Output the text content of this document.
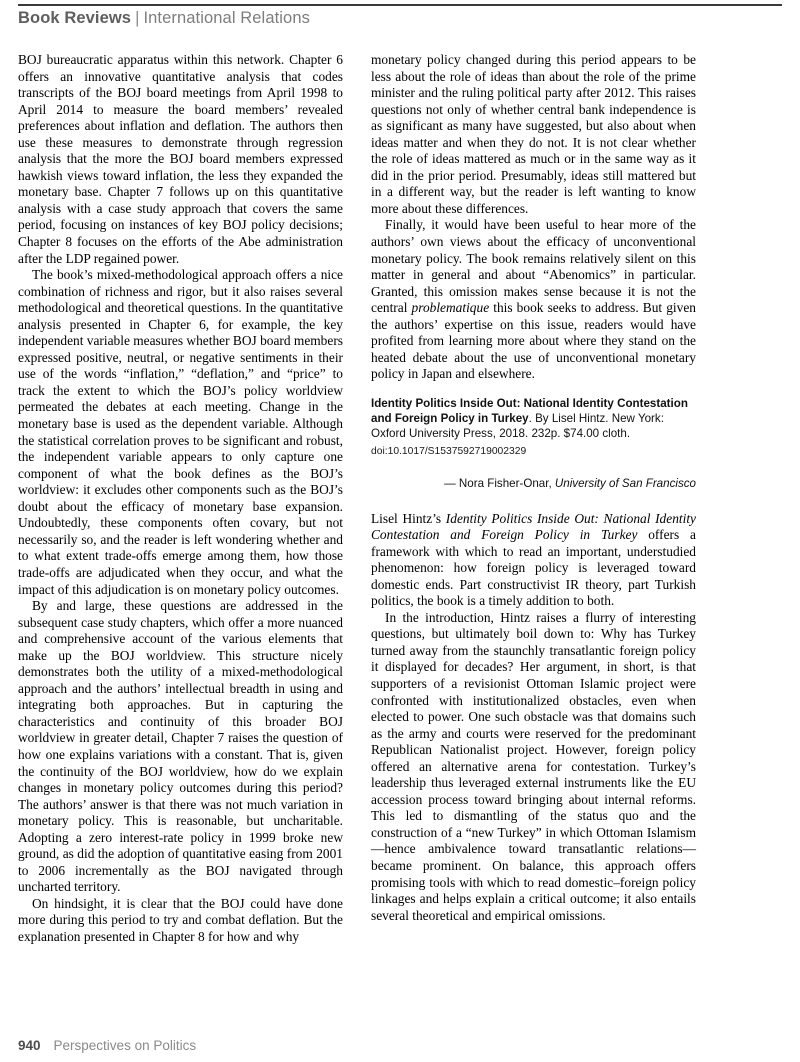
Book Reviews | International Relations

BOJ bureaucratic apparatus within this network. Chapter 6 offers an innovative quantitative analysis that codes transcripts of the BOJ board meetings from April 1998 to April 2014 to measure the board members’ revealed preferences about inflation and deflation. The authors then use these measures to demonstrate through regression analysis that the more the BOJ board members expressed hawkish views toward inflation, the less they expanded the monetary base. Chapter 7 follows up on this quantitative analysis with a case study approach that covers the same period, focusing on instances of key BOJ policy decisions; Chapter 8 focuses on the efforts of the Abe administration after the LDP regained power.

The book’s mixed-methodological approach offers a nice combination of richness and rigor, but it also raises several methodological and theoretical questions. In the quantitative analysis presented in Chapter 6, for example, the key independent variable measures whether BOJ board members expressed positive, neutral, or negative sentiments in their use of the words “inflation,” “deflation,” and “price” to track the extent to which the BOJ’s policy worldview permeated the debates at each meeting. Change in the monetary base is used as the dependent variable. Although the statistical correlation proves to be significant and robust, the independent variable appears to only capture one component of what the book defines as the BOJ’s worldview: it excludes other components such as the BOJ’s doubt about the efficacy of monetary base expansion. Undoubtedly, these components often covary, but not necessarily so, and the reader is left wondering whether and to what extent trade-offs emerge among them, how those trade-offs are adjudicated when they occur, and what the impact of this adjudication is on monetary policy outcomes.

By and large, these questions are addressed in the subsequent case study chapters, which offer a more nuanced and comprehensive account of the various elements that make up the BOJ worldview. This structure nicely demonstrates both the utility of a mixed-methodological approach and the authors’ intellectual breadth in using and integrating both approaches. But in capturing the characteristics and continuity of this broader BOJ worldview in greater detail, Chapter 7 raises the question of how one explains variations with a constant. That is, given the continuity of the BOJ worldview, how do we explain changes in monetary policy outcomes during this period? The authors’ answer is that there was not much variation in monetary policy. This is reasonable, but uncharitable. Adopting a zero interest-rate policy in 1999 broke new ground, as did the adoption of quantitative easing from 2001 to 2006 incrementally as the BOJ navigated through uncharted territory.

On hindsight, it is clear that the BOJ could have done more during this period to try and combat deflation. But the explanation presented in Chapter 8 for how and why

monetary policy changed during this period appears to be less about the role of ideas than about the role of the prime minister and the ruling political party after 2012. This raises questions not only of whether central bank independence is as significant as many have suggested, but also about when ideas matter and when they do not. It is not clear whether the role of ideas mattered as much or in the same way as it did in the prior period. Presumably, ideas still mattered but in a different way, but the reader is left wanting to know more about these differences.

Finally, it would have been useful to hear more of the authors’ own views about the efficacy of unconventional monetary policy. The book remains relatively silent on this matter in general and about “Abenomics” in particular. Granted, this omission makes sense because it is not the central problematique this book seeks to address. But given the authors’ expertise on this issue, readers would have profited from learning more about where they stand on the heated debate about the use of unconventional monetary policy in Japan and elsewhere.

Identity Politics Inside Out: National Identity Contestation and Foreign Policy in Turkey. By Lisel Hintz. New York: Oxford University Press, 2018. 232p. $74.00 cloth.

doi:10.1017/S1537592719002329

— Nora Fisher-Onar, University of San Francisco

Lisel Hintz’s Identity Politics Inside Out: National Identity Contestation and Foreign Policy in Turkey offers a framework with which to read an important, understudied phenomenon: how foreign policy is leveraged toward domestic ends. Part constructivist IR theory, part Turkish politics, the book is a timely addition to both.

In the introduction, Hintz raises a flurry of interesting questions, but ultimately boil down to: Why has Turkey turned away from the staunchly transatlantic foreign policy it displayed for decades? Her argument, in short, is that supporters of a revisionist Ottoman Islamic project were confronted with institutionalized obstacles, even when elected to power. One such obstacle was that domains such as the army and courts were reserved for the predominant Republican Nationalist project. However, foreign policy offered an alternative arena for contestation. Turkey’s leadership thus leveraged external instruments like the EU accession process toward bringing about internal reforms. This led to dismantling of the status quo and the construction of a “new Turkey” in which Ottoman Islamism—hence ambivalence toward transatlantic relations—became prominent. On balance, this approach offers promising tools with which to read domestic–foreign policy linkages and helps explain a critical outcome; it also entails several theoretical and empirical omissions.

940 Perspectives on Politics
